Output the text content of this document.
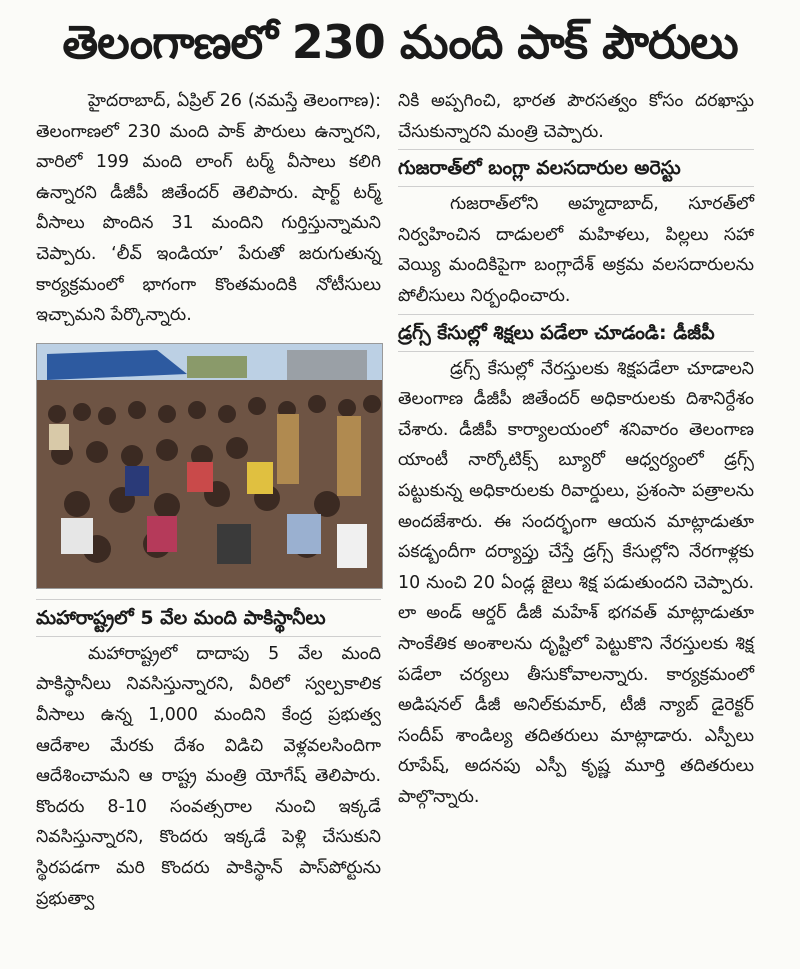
తెలంగాణలో 230 మంది పాక్ పౌరులు

హైదరాబాద్, ఏప్రిల్ 26 (నమస్తే తెలంగాణ): తెలంగాణలో 230 మంది పాక్ పౌరులు ఉన్నారని, వారిలో 199 మంది లాంగ్ టర్మ్ వీసాలు కలిగి ఉన్నారని డీజీపీ జితేందర్ తెలిపారు. షార్ట్ టర్మ్ వీసాలు పొందిన 31 మందిని గుర్తిస్తున్నామని చెప్పారు. ‘లీవ్ ఇండియా’ పేరుతో జరుగుతున్న కార్యక్రమంలో భాగంగా కొంతమందికి నోటీసులు ఇచ్చామని పేర్కొన్నారు.

మహారాష్ట్రలో 5 వేల మంది పాకిస్థానీలు

మహారాష్ట్రలో దాదాపు 5 వేల మంది పాకిస్థానీలు నివసిస్తున్నారని, వీరిలో స్వల్పకాలిక వీసాలు ఉన్న 1,000 మందిని కేంద్ర ప్రభుత్వ ఆదేశాల మేరకు దేశం విడిచి వెళ్లవలసిందిగా ఆదేశించామని ఆ రాష్ట్ర మంత్రి యోగేష్ తెలిపారు. కొందరు 8-10 సంవత్సరాల నుంచి ఇక్కడే నివసిస్తున్నారని, కొందరు ఇక్కడే పెళ్లి చేసుకుని స్థిరపడగా మరి కొందరు పాకిస్థాన్ పాస్‌పోర్టును ప్రభుత్వా

నికి అప్పగించి, భారత పౌరసత్వం కోసం దరఖాస్తు చేసుకున్నారని మంత్రి చెప్పారు.

గుజరాత్‌లో బంగ్లా వలసదారుల అరెస్టు

గుజరాత్‌లోని అహ్మదాబాద్, సూరత్‌లో నిర్వహించిన దాడులలో మహిళలు, పిల్లలు సహా వెయ్యి మందికిపైగా బంగ్లాదేశ్ అక్రమ వలసదారులను పోలీసులు నిర్బంధించారు.

డ్రగ్స్ కేసుల్లో శిక్షలు పడేలా చూడండి: డీజీపీ

డ్రగ్స్ కేసుల్లో నేరస్తులకు శిక్షపడేలా చూడాలని తెలంగాణ డీజీపీ జితేందర్ అధికారులకు దిశానిర్దేశం చేశారు. డీజీపీ కార్యాలయంలో శనివారం తెలంగాణ యాంటీ నార్కోటిక్స్ బ్యూరో ఆధ్వర్యంలో డ్రగ్స్ పట్టుకున్న అధికారులకు రివార్డులు, ప్రశంసా పత్రాలను అందజేశారు. ఈ సందర్భంగా ఆయన మాట్లాడుతూ పకడ్బందీగా దర్యాప్తు చేస్తే డ్రగ్స్ కేసుల్లోని నేరగాళ్లకు 10 నుంచి 20 ఏండ్ల జైలు శిక్ష పడుతుందని చెప్పారు. లా అండ్ ఆర్డర్ డీజీ మహేశ్ భగవత్ మాట్లాడుతూ సాంకేతిక అంశాలను దృష్టిలో పెట్టుకొని నేరస్తులకు శిక్ష పడేలా చర్యలు తీసుకోవాలన్నారు. కార్యక్రమంలో అడిషనల్ డీజీ అనిల్‌కుమార్, టీజీ న్యాబ్ డైరెక్టర్ సందీప్ శాండిల్య తదితరులు మాట్లాడారు. ఎస్పీలు రూపేష్, అదనపు ఎస్పీ కృష్ణ మూర్తి తదితరులు పాల్గొన్నారు.
